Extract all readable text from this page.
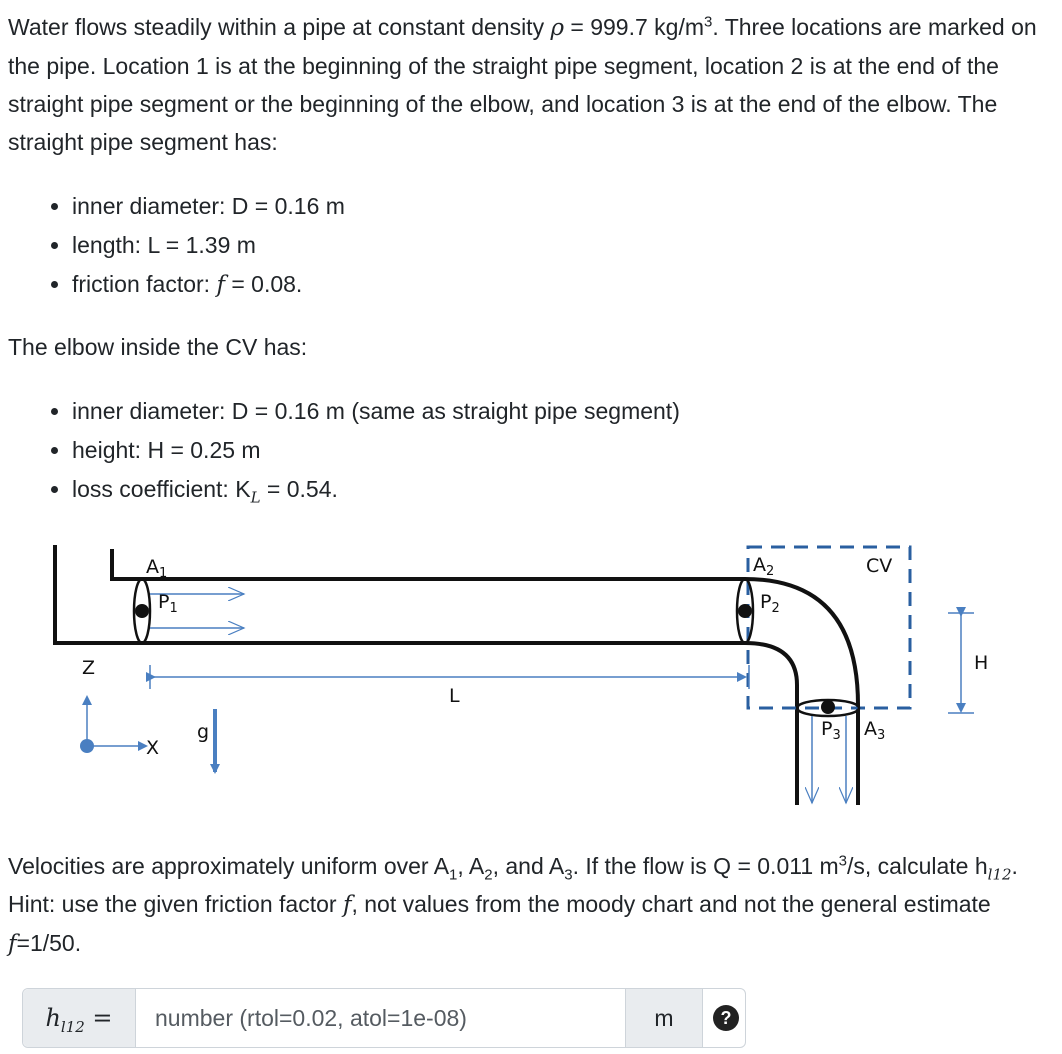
Water flows steadily within a pipe at constant density ρ = 999.7 $kg/m^3$. Three locations are marked on the pipe. Location 1 is at the beginning of the straight pipe segment, location 2 is at the end of the straight pipe segment or the beginning of the elbow, and location 3 is at the end of the elbow. The straight pipe segment has:

• inner diameter: D = 0.16 m
• length: L = 1.39 m
• friction factor: f = 0.08.

The elbow inside the CV has:

• inner diameter: D = 0.16 m (same as straight pipe segment)
• height: H = 0.25 m
• loss coefficient: $K_L = 0.54$.
$A_1$
$P_1$
$A_2$
$P_2$
$P_3$ $A_3$
CV
H
L
Z
X
g

Velocities are approximately uniform over $A_1$, $A_2$, and $A_3$. If the flow is Q = 0.011 $m^3/s$, calculate $h_{l12}$. Hint: use the given friction factor f, not values from the moody chart and not the general estimate f=1/50.

$h_{l12}$ =
number (rtol=0.02, atol=1e-08)	m	?
